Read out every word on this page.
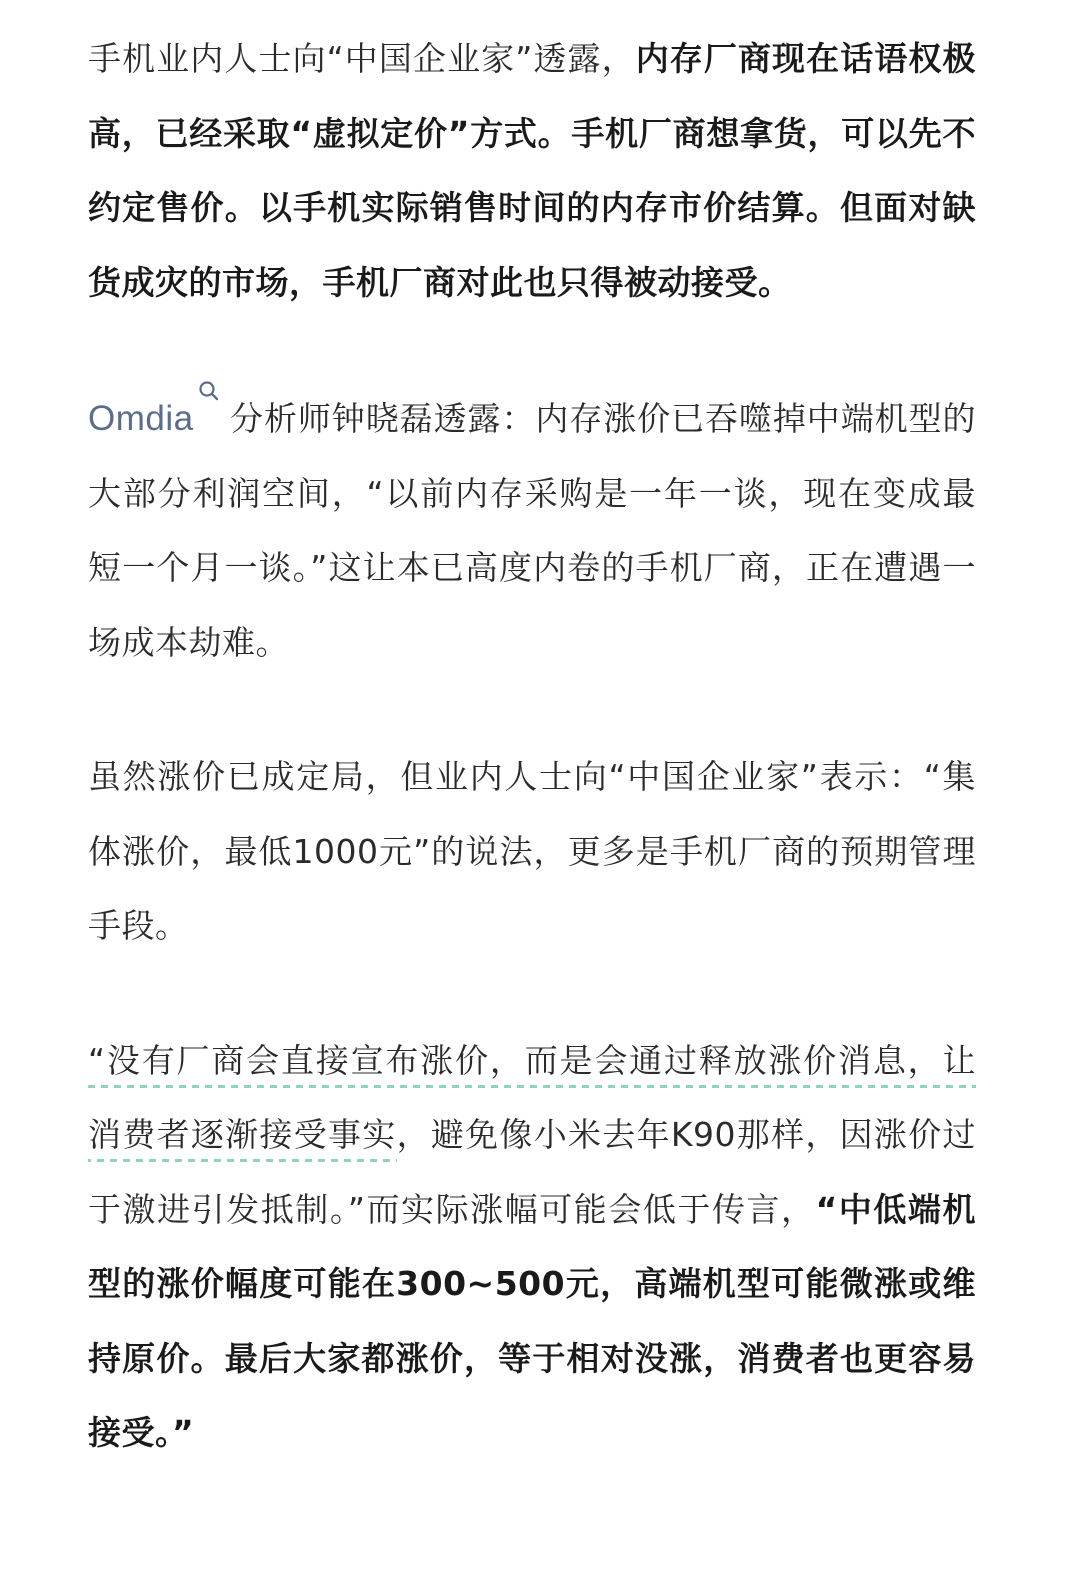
手机业内人士向“中国企业家”透露，内存厂商现在话语权极高，已经采取“虚拟定价”方式。手机厂商想拿货，可以先不约定售价。以手机实际销售时间的内存市价结算。但面对缺货成灾的市场，手机厂商对此也只得被动接受。

Omdia 分析师钟晓磊透露：内存涨价已吞噬掉中端机型的大部分利润空间，“以前内存采购是一年一谈，现在变成最短一个月一谈。”这让本已高度内卷的手机厂商，正在遭遇一场成本劫难。

虽然涨价已成定局，但业内人士向“中国企业家”表示：“集体涨价，最低1000元”的说法，更多是手机厂商的预期管理手段。

“没有厂商会直接宣布涨价，而是会通过释放涨价消息，让消费者逐渐接受事实，避免像小米去年K90那样，因涨价过于激进引发抵制。”而实际涨幅可能会低于传言，“中低端机型的涨价幅度可能在300~500元，高端机型可能微涨或维持原价。最后大家都涨价，等于相对没涨，消费者也更容易接受。”
